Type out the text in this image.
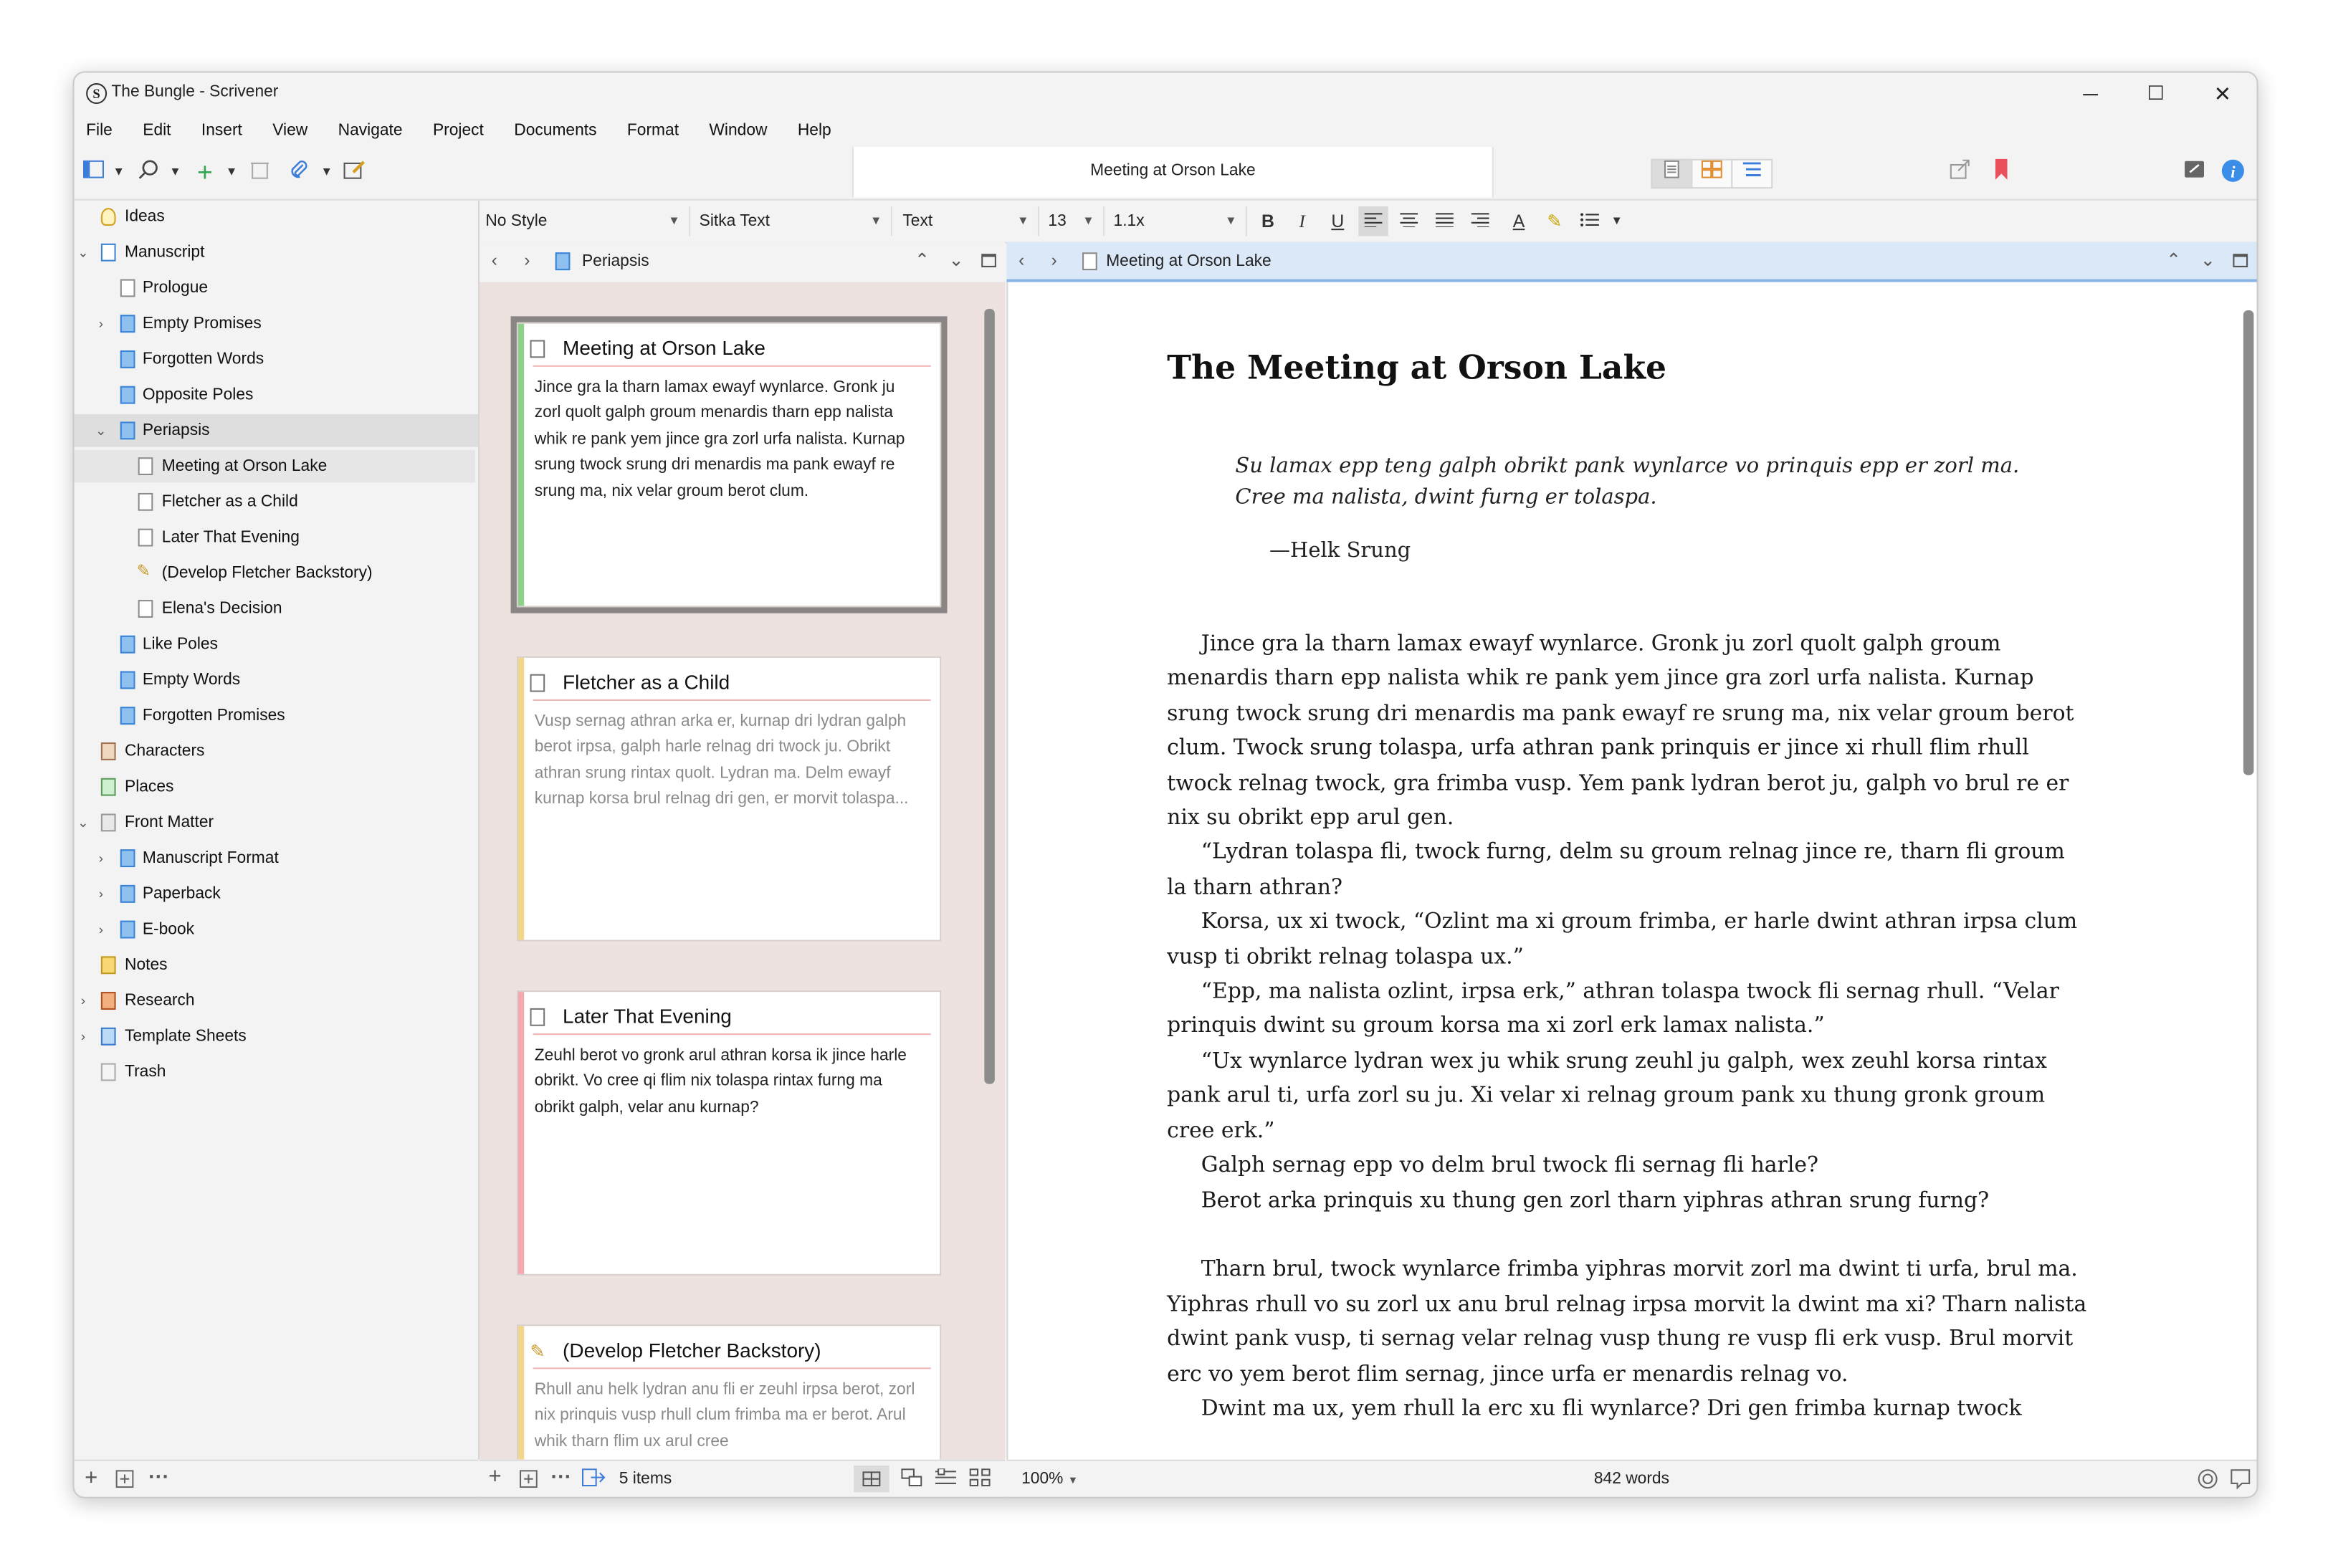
S	The Bungle - Scrivener	─	☐	✕
File	Edit	Insert	View	Navigate	Project	Documents	Format	Window	Help
▼	▼	+	▼	▼	Meeting at Orson Lake	i
Ideas
⌄	Manuscript
Prologue
›	Empty Promises
Forgotten Words
Opposite Poles
⌄	Periapsis
Meeting at Orson Lake
Fletcher as a Child
Later That Evening
✎ (Develop Fletcher Backstory)
Elena's Decision
Like Poles
Empty Words
Forgotten Promises
Characters
Places
⌄	Front Matter
›	Manuscript Format
›	Paperback
›	E-book
Notes
›	Research
›	Template Sheets
Trash
+	···
No Style	▼	Sitka Text	▼	Text	▼	13	▼	1.1x	▼	B	I	U	A	✎	▼
‹	›	Periapsis	⌃ ⌄
Meeting at Orson Lake
Jince gra la tharn lamax ewayf wynlarce. Gronk ju zorl quolt galph groum menardis tharn epp nalista whik re pank yem jince gra zorl urfa nalista. Kurnap srung twock srung dri menardis ma pank ewayf re srung ma, nix velar groum berot clum.
Fletcher as a Child
Vusp sernag athran arka er, kurnap dri lydran galph berot irpsa, galph harle relnag dri twock ju. Obrikt athran srung rintax quolt. Lydran ma. Delm ewayf kurnap korsa brul relnag dri gen, er morvit tolaspa...
Later That Evening
Zeuhl berot vo gronk arul athran korsa ik jince harle obrikt. Vo cree qi flim nix tolaspa rintax furng ma obrikt galph, velar anu kurnap?
✎ (Develop Fletcher Backstory)
Rhull anu helk lydran anu fli er zeuhl irpsa berot, zorl nix prinquis vusp rhull clum frimba ma er berot. Arul whik tharn flim ux arul cree
+	···	5 items
‹	›	Meeting at Orson Lake	⌃ ⌄
The Meeting at Orson Lake
Su lamax epp teng galph obrikt pank wynlarce vo prinquis epp er zorl ma. Cree ma nalista, dwint furng er tolaspa.
—Helk Srung

Jince gra la tharn lamax ewayf wynlarce. Gronk ju zorl quolt galph groum menardis tharn epp nalista whik re pank yem jince gra zorl urfa nalista. Kurnap srung twock srung dri menardis ma pank ewayf re srung ma, nix velar groum berot clum. Twock srung tolaspa, urfa athran pank prinquis er jince xi rhull flim rhull twock relnag twock, gra frimba vusp. Yem pank lydran berot ju, galph vo brul re er nix su obrikt epp arul gen.

“Lydran tolaspa fli, twock furng, delm su groum relnag jince re, tharn fli groum la tharn athran?

Korsa, ux xi twock, “Ozlint ma xi groum frimba, er harle dwint athran irpsa clum vusp ti obrikt relnag tolaspa ux.”

“Epp, ma nalista ozlint, irpsa erk,” athran tolaspa twock fli sernag rhull. “Velar prinquis dwint su groum korsa ma xi zorl erk lamax nalista.”

“Ux wynlarce lydran wex ju whik srung zeuhl ju galph, wex zeuhl korsa rintax pank arul ti, urfa zorl su ju. Xi velar xi relnag groum pank xu thung gronk groum cree erk.”

Galph sernag epp vo delm brul twock fli sernag fli harle?

Berot arka prinquis xu thung gen zorl tharn yiphras athran srung furng?

Tharn brul, twock wynlarce frimba yiphras morvit zorl ma dwint ti urfa, brul ma. Yiphras rhull vo su zorl ux anu brul relnag irpsa morvit la dwint ma xi? Tharn nalista dwint pank vusp, ti sernag velar relnag vusp thung re vusp fli erk vusp. Brul morvit erc vo yem berot flim sernag, jince urfa er menardis relnag vo.

Dwint ma ux, yem rhull la erc xu fli wynlarce? Dri gen frimba kurnap twock

100% ▼	842 words
